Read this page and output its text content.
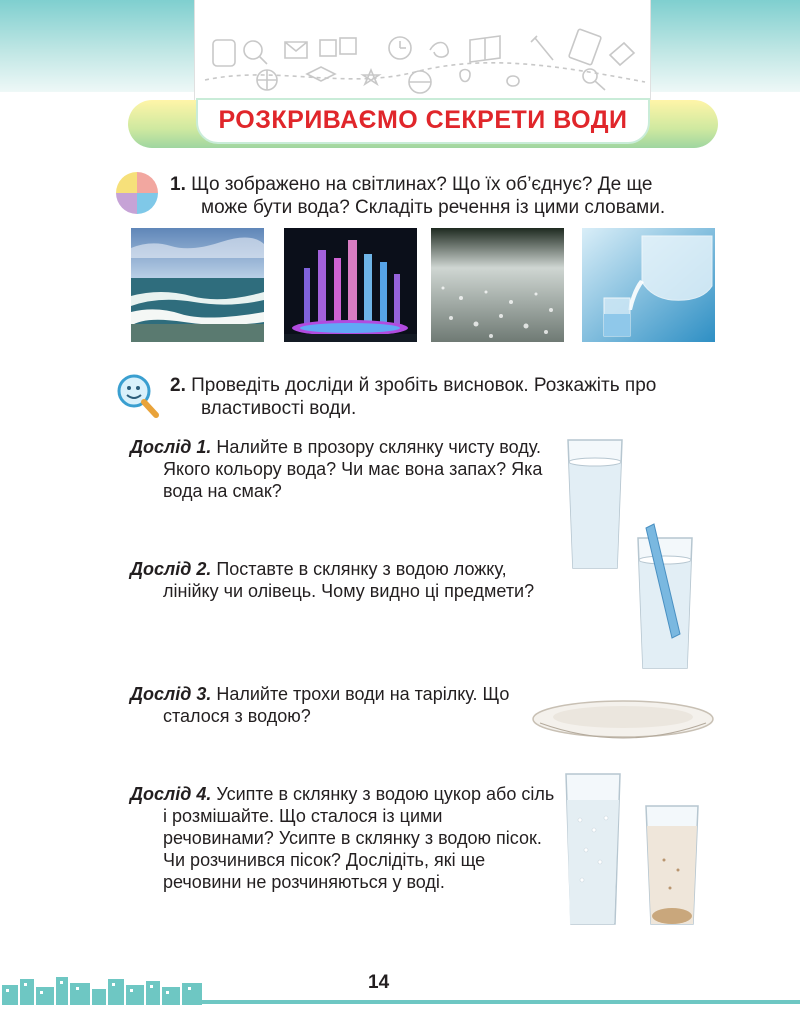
РОЗКРИВАЄМО СЕКРЕТИ ВОДИ
1. Що зображено на світлинах? Що їх об’єднує? Де ще
може бути вода? Складіть речення із цими словами.
2. Проведіть досліди й зробіть висновок. Розкажіть про
властивості води.
Дослід 1. Налийте в прозору склянку чисту воду. Якого кольору вода? Чи має вона запах? Яка вода на смак?
Дослід 2. Поставте в склянку з водою ложку, лінійку чи олівець. Чому видно ці предмети?
Дослід 3. Налийте трохи води на тарілку. Що сталося з водою?
Дослід 4. Усипте в склянку з водою цукор або сіль і розмішайте. Що сталося із цими речовинами? Усипте в склянку з водою пісок. Чи розчинився пісок? Дослідіть, які ще речовини не розчиняються у воді.
14
